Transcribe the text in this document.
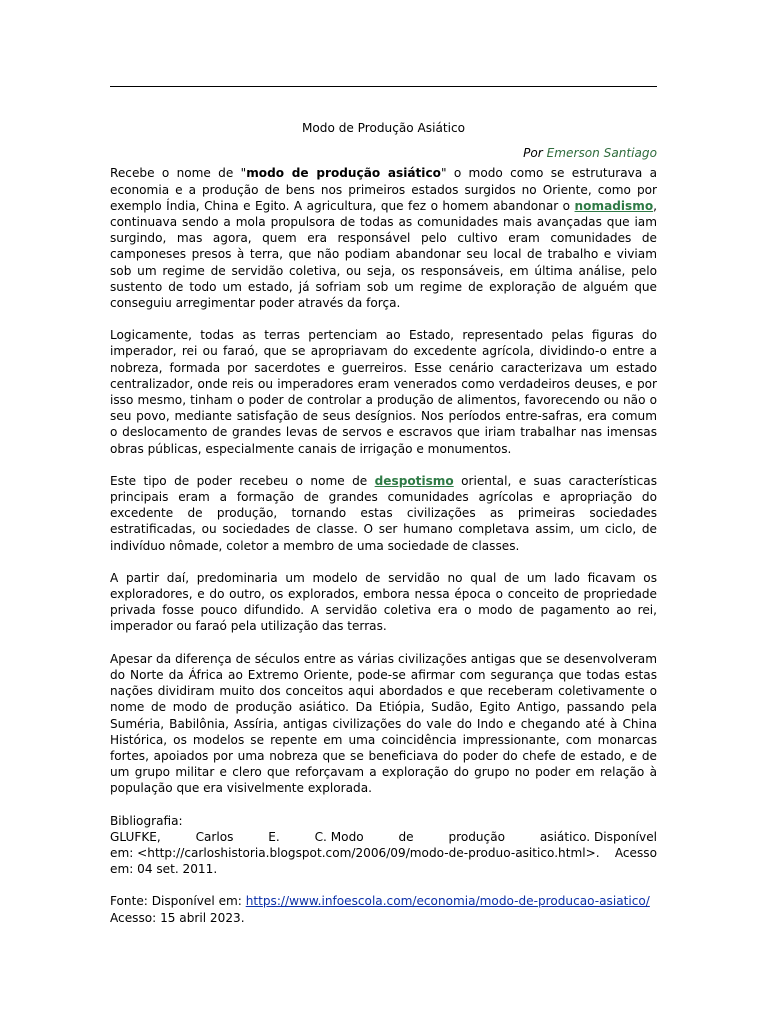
Modo de Produção Asiático
Por Emerson Santiago

Recebe o nome de "modo de produção asiático" o modo como se estruturava a economia e a produção de bens nos primeiros estados surgidos no Oriente, como por exemplo Índia, China e Egito. A agricultura, que fez o homem abandonar o nomadismo, continuava sendo a mola propulsora de todas as comunidades mais avançadas que iam surgindo, mas agora, quem era responsável pelo cultivo eram comunidades de camponeses presos à terra, que não podiam abandonar seu local de trabalho e viviam sob um regime de servidão coletiva, ou seja, os responsáveis, em última análise, pelo sustento de todo um estado, já sofriam sob um regime de exploração de alguém que conseguiu arregimentar poder através da força.

Logicamente, todas as terras pertenciam ao Estado, representado pelas figuras do imperador, rei ou faraó, que se apropriavam do excedente agrícola, dividindo-o entre a nobreza, formada por sacerdotes e guerreiros. Esse cenário caracterizava um estado centralizador, onde reis ou imperadores eram venerados como verdadeiros deuses, e por isso mesmo, tinham o poder de controlar a produção de alimentos, favorecendo ou não o seu povo, mediante satisfação de seus desígnios. Nos períodos entre-safras, era comum o deslocamento de grandes levas de servos e escravos que iriam trabalhar nas imensas obras públicas, especialmente canais de irrigação e monumentos.

Este tipo de poder recebeu o nome de despotismo oriental, e suas características principais eram a formação de grandes comunidades agrícolas e apropriação do excedente de produção, tornando estas civilizações as primeiras sociedades estratificadas, ou sociedades de classe. O ser humano completava assim, um ciclo, de indivíduo nômade, coletor a membro de uma sociedade de classes.

A partir daí, predominaria um modelo de servidão no qual de um lado ficavam os exploradores, e do outro, os explorados, embora nessa época o conceito de propriedade privada fosse pouco difundido. A servidão coletiva era o modo de pagamento ao rei, imperador ou faraó pela utilização das terras.

Apesar da diferença de séculos entre as várias civilizações antigas que se desenvolveram do Norte da África ao Extremo Oriente, pode-se afirmar com segurança que todas estas nações dividiram muito dos conceitos aqui abordados e que receberam coletivamente o nome de modo de produção asiático. Da Etiópia, Sudão, Egito Antigo, passando pela Suméria, Babilônia, Assíria, antigas civilizações do vale do Indo e chegando até à China Histórica, os modelos se repente em uma coincidência impressionante, com monarcas fortes, apoiados por uma nobreza que se beneficiava do poder do chefe de estado, e de um grupo militar e clero que reforçavam a exploração do grupo no poder em relação à população que era visivelmente explorada.

Bibliografia:
GLUFKE,	Carlos	E.	C. Modo	de	produção	asiático. Disponível
em: <http://carloshistoria.blogspot.com/2006/09/modo-de-produo-asitico.html>. Acesso
em: 04 set. 2011.
Fonte: Disponível em: https://www.infoescola.com/economia/modo-de-producao-asiatico/
Acesso: 15 abril 2023.
